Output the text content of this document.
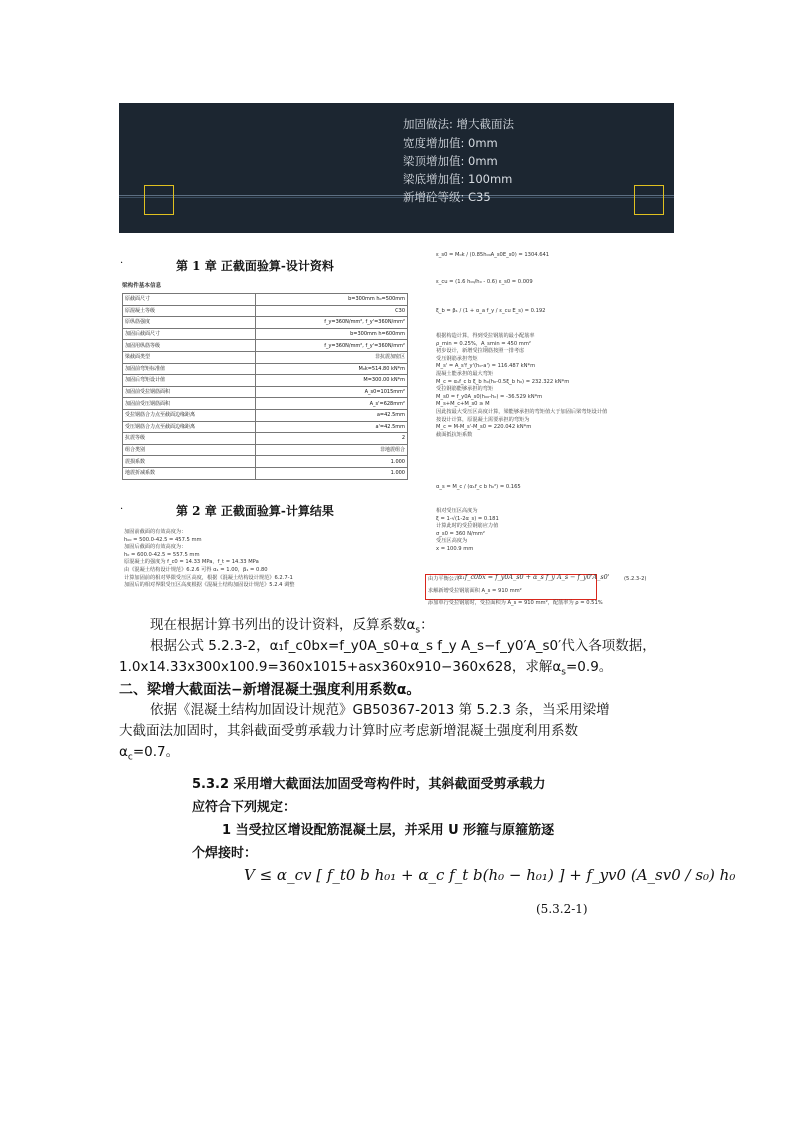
加固做法: 增大截面法
宽度增加值: 0mm
梁顶增加值: 0mm
梁底增加值: 100mm
新增砼等级: C35
·	第 1 章 正截面验算-设计资料
梁构件基本信息
原截面尺寸	b=300mm h₀=500mm
原混凝土等级	C30
原纵筋强度	f_y=360N/mm², f_y'=360N/mm²
加固后截面尺寸	b=300mm h=600mm
加固用纵筋等级	f_y=360N/mm², f_y'=360N/mm²
梁截面类型	非抗震加密区
加固前弯矩标准值	M₀k=514.80 kN*m
加固后弯矩设计值	M=300.00 kN*m
加固前受拉钢筋面积	A_s0=1015mm²
加固前受压钢筋面积	A_s'=628mm²
受拉钢筋合力点至截面边缘距离	a=42.5mm
受压钢筋合力点至截面边缘距离	a'=42.5mm
抗震等级	2
组合类别	非地震组合
震损系数	1.000
地震折减系数	1.000
·	第 2 章 正截面验算-计算结果
加固前截面的有效高度为：
h₀₀ = 500.0-42.5 = 457.5 mm
加固后截面的有效高度为：
h₀ = 600.0-42.5 = 557.5 mm
原混凝土的强度为 f_c0 = 14.33 MPa，f_t = 14.33 MPa
由《混凝土结构设计规范》6.2.6 可得 α₁ = 1.00，β₁ = 0.80
计算加固前的相对界限受压区高度，根据《混凝土结构设计规范》6.2.7-1
加固后的相对界限受压区高度根据《混凝土结构加固设计规范》5.2.4 调整
ε_s0 = M₀k / (0.85h₀₀A_s0E_s0) = 1304.641
ε_cu = (1.6 h₀₀/h₀ - 0.6) ε_s0 = 0.009
ξ_b = β₁ / (1 + α_a f_y / ε_cu E_s) = 0.192
根据构造计算，得到受拉钢筋的最小配筋率
ρ_min = 0.25%，A_smin = 450 mm²
初步设计，新增受拉钢筋按照一排考虑
受压钢筋承担弯矩
M_s' = A_s'f_y'(h₀-a') = 116.487 kN*m
混凝土能承担的最大弯矩
M_c = α₁f_c b ξ_b h₀(h₀-0.5ξ_b h₀) = 232.322 kN*m
受拉钢筋能够承担的弯矩
M_s0 = f_y0A_s0(h₀₀-h₀) = -36.529 kN*m
M_s+M_c+M_s0 ≥ M
因此按最大受压区高度计算，梁能够承担的弯矩值大于加固后梁弯矩设计值
按设计计算，原混凝土需要承担的弯矩为
M_c = M-M_s'-M_s0 = 220.042 kN*m
截面抵抗矩系数
α_s = M_c / (α₁f_c b h₀²) = 0.165
相对受压区高度为
ξ = 1-√(1-2α_s) = 0.181
计算此时的受拉钢筋应力值
σ_s0 = 360 N/mm²
受压区高度为
x = 100.9 mm
由力平衡公式
α₁f_c0bx = f_y0A_s0 + α_s f_y A_s − f_y0'A_s0'	(5.2.3-2)
求解新增受拉钢筋面积 A_s = 910 mm²
添加单行受拉钢筋时，受拉面积为 A_s = 910 mm²，配筋率为 ρ = 0.51%
现在根据计算书列出的设计资料，反算系数$\alpha_s$：
根据公式 5.2.3-2，α₁f_c0bx=f_y0A_s0+α_s f_y A_s−f_y0′A_s0′代入各项数据，
1.0x14.33x300x100.9=360x1015+asx360x910−360x628，求解$\alpha_s=0.9$。
二、梁增大截面法−新增混凝土强度利用系数α。
依据《混凝土结构加固设计规范》GB50367-2013 第 5.2.3 条，当采用梁增
大截面法加固时，其斜截面受剪承载力计算时应考虑新增混凝土强度利用系数
$\alpha_c=0.7$。
5.3.2 采用增大截面法加固受弯构件时，其斜截面受剪承载力
应符合下列规定：
1 当受拉区增设配筋混凝土层，并采用 U 形箍与原箍筋逐
个焊接时：
V ≤ α_cv [ f_t0 b h₀₁ + α_c f_t b(h₀ − h₀₁) ] + f_yv0 (A_sv0 / s₀) h₀
(5.3.2-1)
